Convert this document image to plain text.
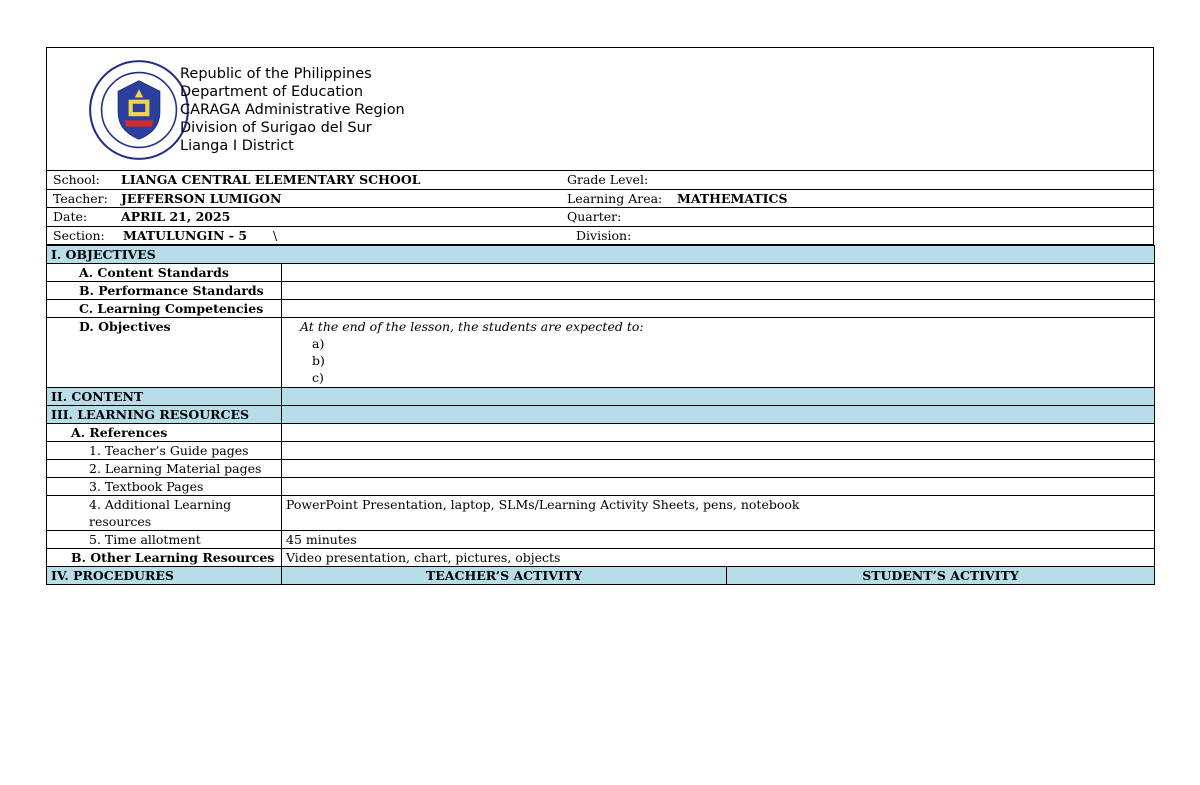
Republic of the Philippines
Department of Education
CARAGA Administrative Region
Division of Surigao del Sur
Lianga I District
School: LIANGA CENTRAL ELEMENTARY SCHOOL	Grade Level:
Teacher: JEFFERSON LUMIGON	Learning Area: MATHEMATICS
Date:	APRIL 21, 2025	Quarter:
Section: MATULUNGIN - 5 \	Division:
I. OBJECTIVES		
A. Content Standards		
B. Performance Standards		
C. Learning Competencies		
D. Objectives	At the end of the lesson, the students are expected to:
a)
b)
c)	

II. CONTENT		
III. LEARNING RESOURCES		
A. References		
1. Teacher’s Guide pages		
2. Learning Material pages		
3. Textbook Pages		
4. Additional Learning resources	PowerPoint Presentation, laptop, SLMs/Learning Activity Sheets, pens, notebook	
5. Time allotment	45 minutes	
B. Other Learning Resources	Video presentation, chart, pictures, objects	
IV. PROCEDURES	TEACHER’S ACTIVITY	STUDENT’S ACTIVITY
